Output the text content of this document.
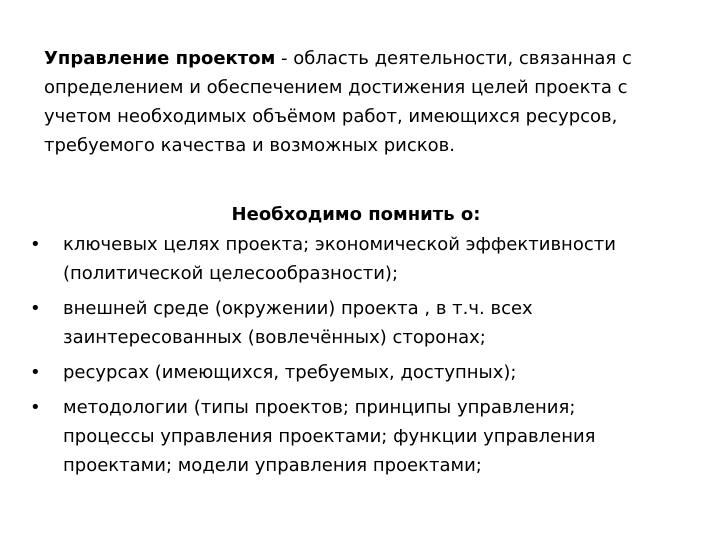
Управление проектом - область деятельности, связанная с
определением и обеспечением достижения целей проекта с
учетом необходимых объёмом работ, имеющихся ресурсов,
требуемого качества и возможных рисков.

Необходимо помнить о:

•	ключевых целях проекта; экономической эффективности
(политической целесообразности);
•	внешней среде (окружении) проекта , в т.ч. всех
заинтересованных (вовлечённых) сторонах;
•	ресурсах (имеющихся, требуемых, доступных);
•	методологии (типы проектов; принципы управления;
процессы управления проектами; функции управления
проектами; модели управления проектами;
